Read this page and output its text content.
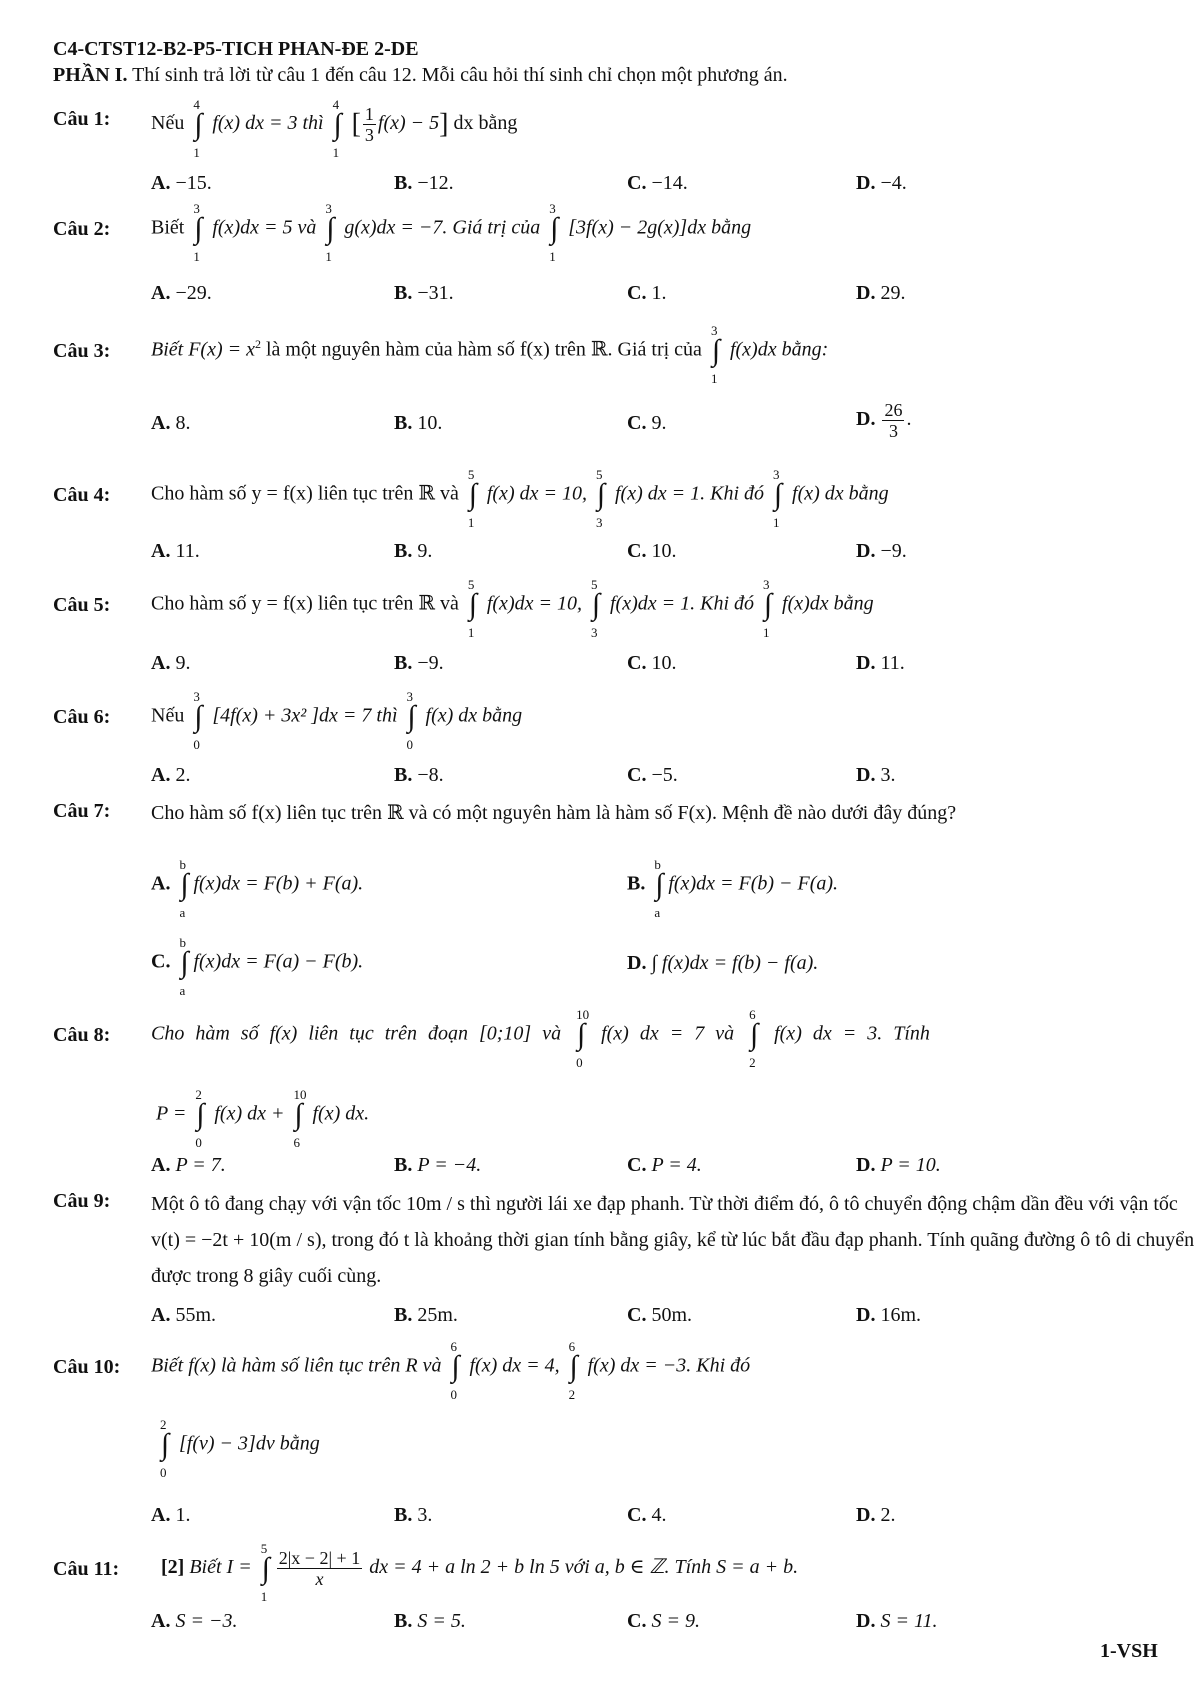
C4-CTST12-B2-P5-TICH PHAN-ĐE 2-DE
PHẦN I. Thí sinh trả lời từ câu 1 đến câu 12. Mỗi câu hỏi thí sinh chỉ chọn một phương án.
Câu 1: Nếu ∫
4
1
f(x) dx = 3 thì ∫
4
1
[ $\frac{1}{3} f(x) - 5$] dx bằng
A. −15.	B. −12.	C. −14.	D. −4.
Câu 2: Biết ∫
3
1
f(x)dx = 5 và ∫
3
1
g(x)dx = −7. Giá trị của ∫
3
1
[3f(x) − 2g(x)]dx bằng
A. −29.	B. −31.	C. 1.	D. 29.
Câu 3: Biết $F(x) = x^2$ là một nguyên hàm của hàm số f(x) trên ℝ. Giá trị của ∫
3
1
f(x)dx bằng:
A. 8.	B. 10.	C. 9.	D. $\frac{26}{3}$ .
Câu 4: Cho hàm số y = f(x) liên tục trên ℝ và ∫
5
1
f(x) dx = 10, ∫
5
3
f(x) dx = 1. Khi đó ∫
3
1
f(x) dx bằng
A. 11.	B. 9.	C. 10.	D. −9.
Câu 5: Cho hàm số y = f(x) liên tục trên ℝ và ∫
5
1
f(x)dx = 10, ∫
5
3
f(x)dx = 1. Khi đó ∫
3
1
f(x)dx bằng
A. 9.	B. −9.	C. 10.	D. 11.
Câu 6: Nếu ∫
3
0
[4f(x) + 3x² ]dx = 7 thì ∫
3
0
f(x) dx bằng
A. 2.	B. −8.	C. −5.	D. 3.
Câu 7: Cho hàm số f(x) liên tục trên ℝ và có một nguyên hàm là hàm số F(x). Mệnh đề nào dưới đây đúng?
A. ∫
b
a
f(x)dx = F(b) + F(a).	B. ∫
b
a
f(x)dx = F(b) − F(a).
C. ∫
b
a
f(x)dx = F(a) − F(b).	D. ∫ f(x)dx = f(b) − f(a).
Câu 8: Cho hàm số f(x) liên tục trên đoạn [0;10] và ∫
10
0
f(x) dx = 7 và ∫
6
2
f(x) dx = 3. Tính
P = ∫
2
0
f(x) dx + ∫
10
6
f(x) dx.
A. P = 7.	B. P = −4.	C. P = 4.	D. P = 10.
Câu 9: Một ô tô đang chạy với vận tốc 10m / s thì người lái xe đạp phanh. Từ thời điểm đó, ô tô chuyển động chậm dần đều với vận tốc v(t) = −2t + 10(m / s), trong đó t là khoảng thời gian tính bằng giây, kể từ lúc bắt đầu đạp phanh. Tính quãng đường ô tô di chuyển được trong 8 giây cuối cùng.
A. 55m.	B. 25m.	C. 50m.	D. 16m.
Câu 10: Biết f(x) là hàm số liên tục trên R và ∫
6
0
f(x) dx = 4, ∫
6
2
f(x) dx = −3. Khi đó
∫
2
0
[f(v) − 3]dv bằng
A. 1.	B. 3.	C. 4.	D. 2.
Câu 11: [2] Biết I = ∫
5
1
$\frac{2|x - 2| + 1}{x}$ dx = 4 + a ln 2 + b ln 5 với a, b ∈ ℤ. Tính S = a + b.
A. S = −3.	B. S = 5.	C. S = 9.	D. S = 11.
1-VSH
